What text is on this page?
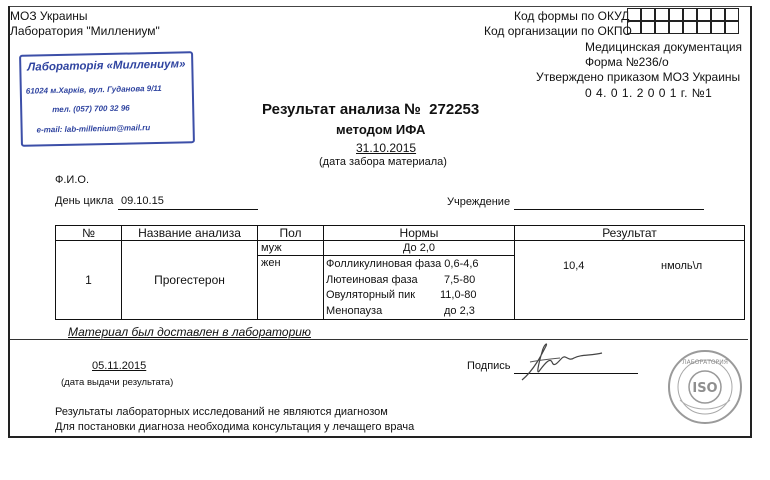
МОЗ Украины
Лаборатория "Миллениум"
Код формы по ОКУД
Код организации по ОКПО
Медицинская документация
Форма №236/о
Утверждено приказом МОЗ Украины
0 4. 0 1. 2 0 0 1 г. №1
Лабораторія «Миллениум»
61024 м.Харків, вул. Гуданова 9/11
тел. (057) 700 32 96
e-mail: lab-millenium@mail.ru
Результат анализа № 272253
методом ИФА
31.10.2015
(дата забора материала)
Ф.И.О.
День цикла 09.10.15	Учреждение
№	Название анализа	Пол	Нормы	Результат
1	Прогестерон	муж	До 2,0	10,4 нмоль\л

		жен	Фолликулиновая фаза 0,6-4,6
Лютеиновая фаза 7,5-80
Овуляторный пик 11,0-80
Менопауза до 2,3	
Материал был доставлен в лабораторию
05.11.2015
(дата выдачи результата)
Подпись	ЛАБОРАТОРИЯ
ISO
Результаты лабораторных исследований не являются диагнозом
Для постановки диагноза необходима консультация у лечащего врача
